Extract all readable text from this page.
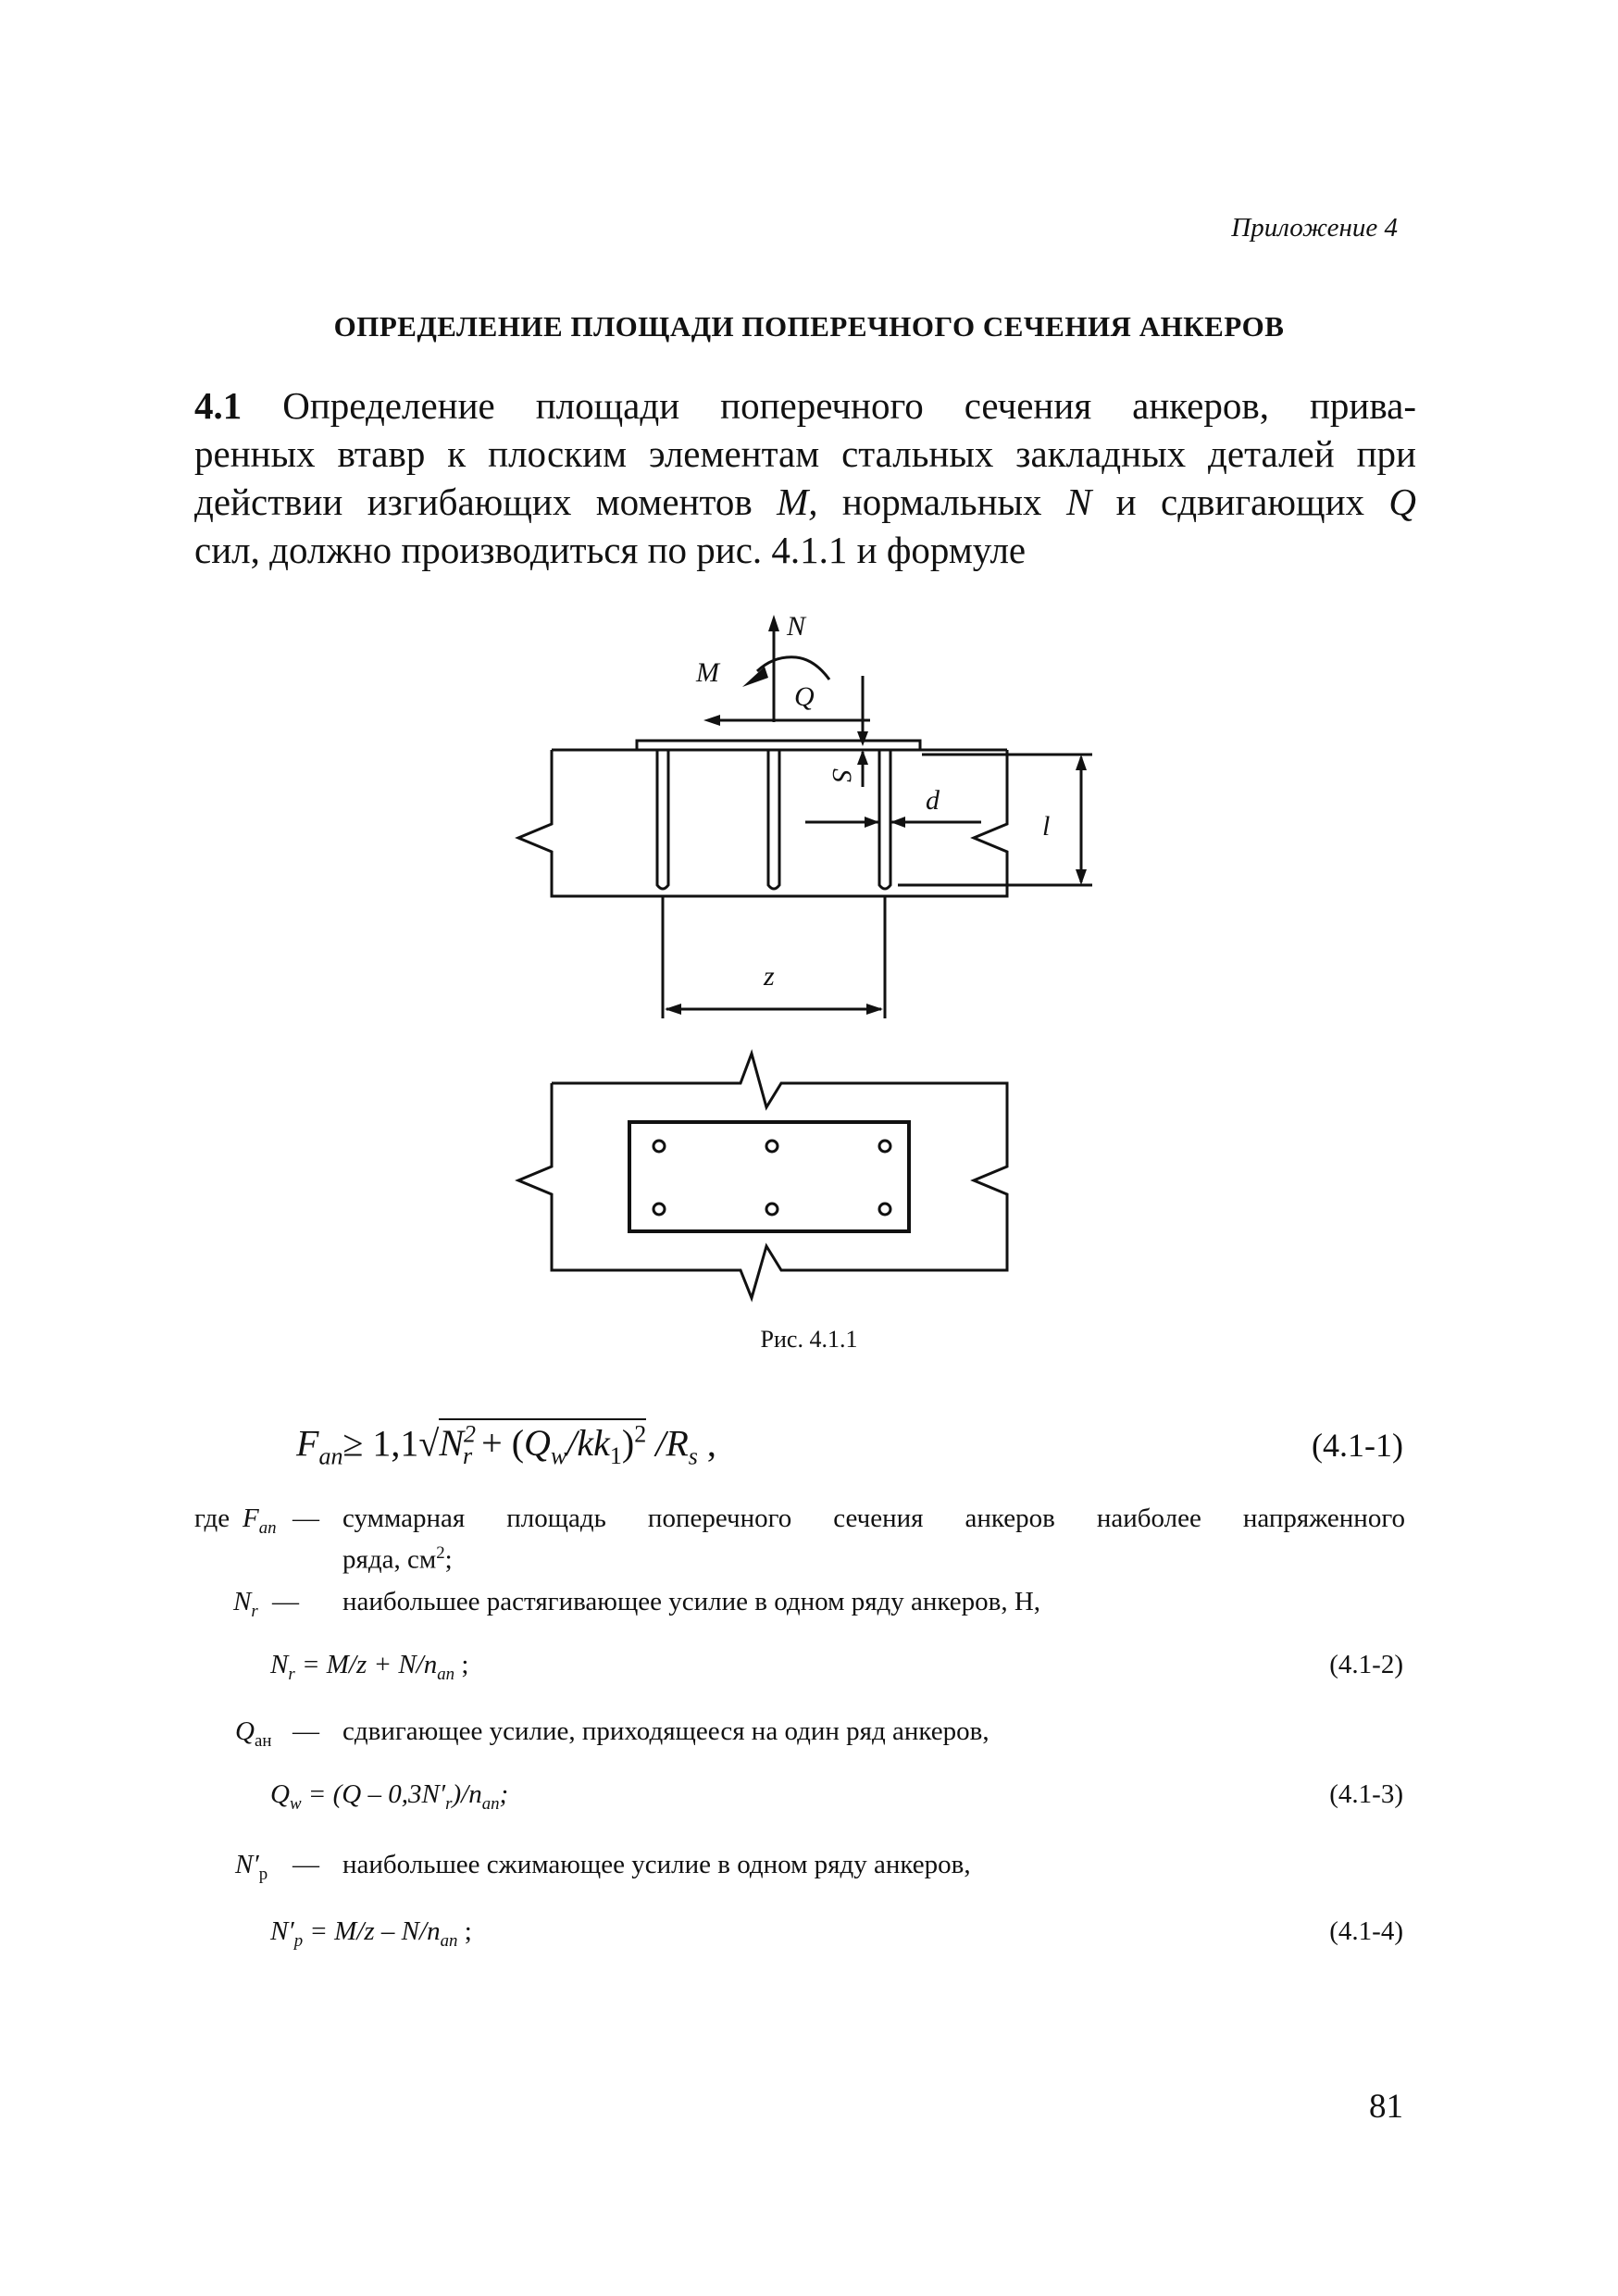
Приложение 4
ОПРЕДЕЛЕНИЕ ПЛОЩАДИ ПОПЕРЕЧНОГО СЕЧЕНИЯ АНКЕРОВ
4.1 Определение площади поперечного сечения анкеров, прива-
ренных втавр к плоским элементам стальных закладных деталей при
действии изгибающих моментов M, нормальных N и сдвигающих Q
сил, должно производиться по рис. 4.1.1 и формуле
N
M
Q
S
d
l
z
Рис. 4.1.1
$F_{an}\ge 1,1√N^2_r + (Q_w/kk_1)^2$ $/R_s$ ,	(4.1-1)
где $F_{an}$ — суммарная площадь поперечного сечения анкеров наиболее напряженного
ряда, $см^2$;
$N_r$ — наибольшее растягивающее усилие в одном ряду анкеров, Н,
$N_r = M/z + N/n_{an}$ ;	(4.1-2)
$Q_{ан}$ — сдвигающее усилие, приходящееся на один ряд анкеров,
$Q_w = (Q - 0,3N'_r)/n_{an}$;	(4.1-3)
$N'_р$ — наибольшее сжимающее усилие в одном ряду анкеров,
$N'_p = M/z - N/n_{an}$ ;	(4.1-4)
81
